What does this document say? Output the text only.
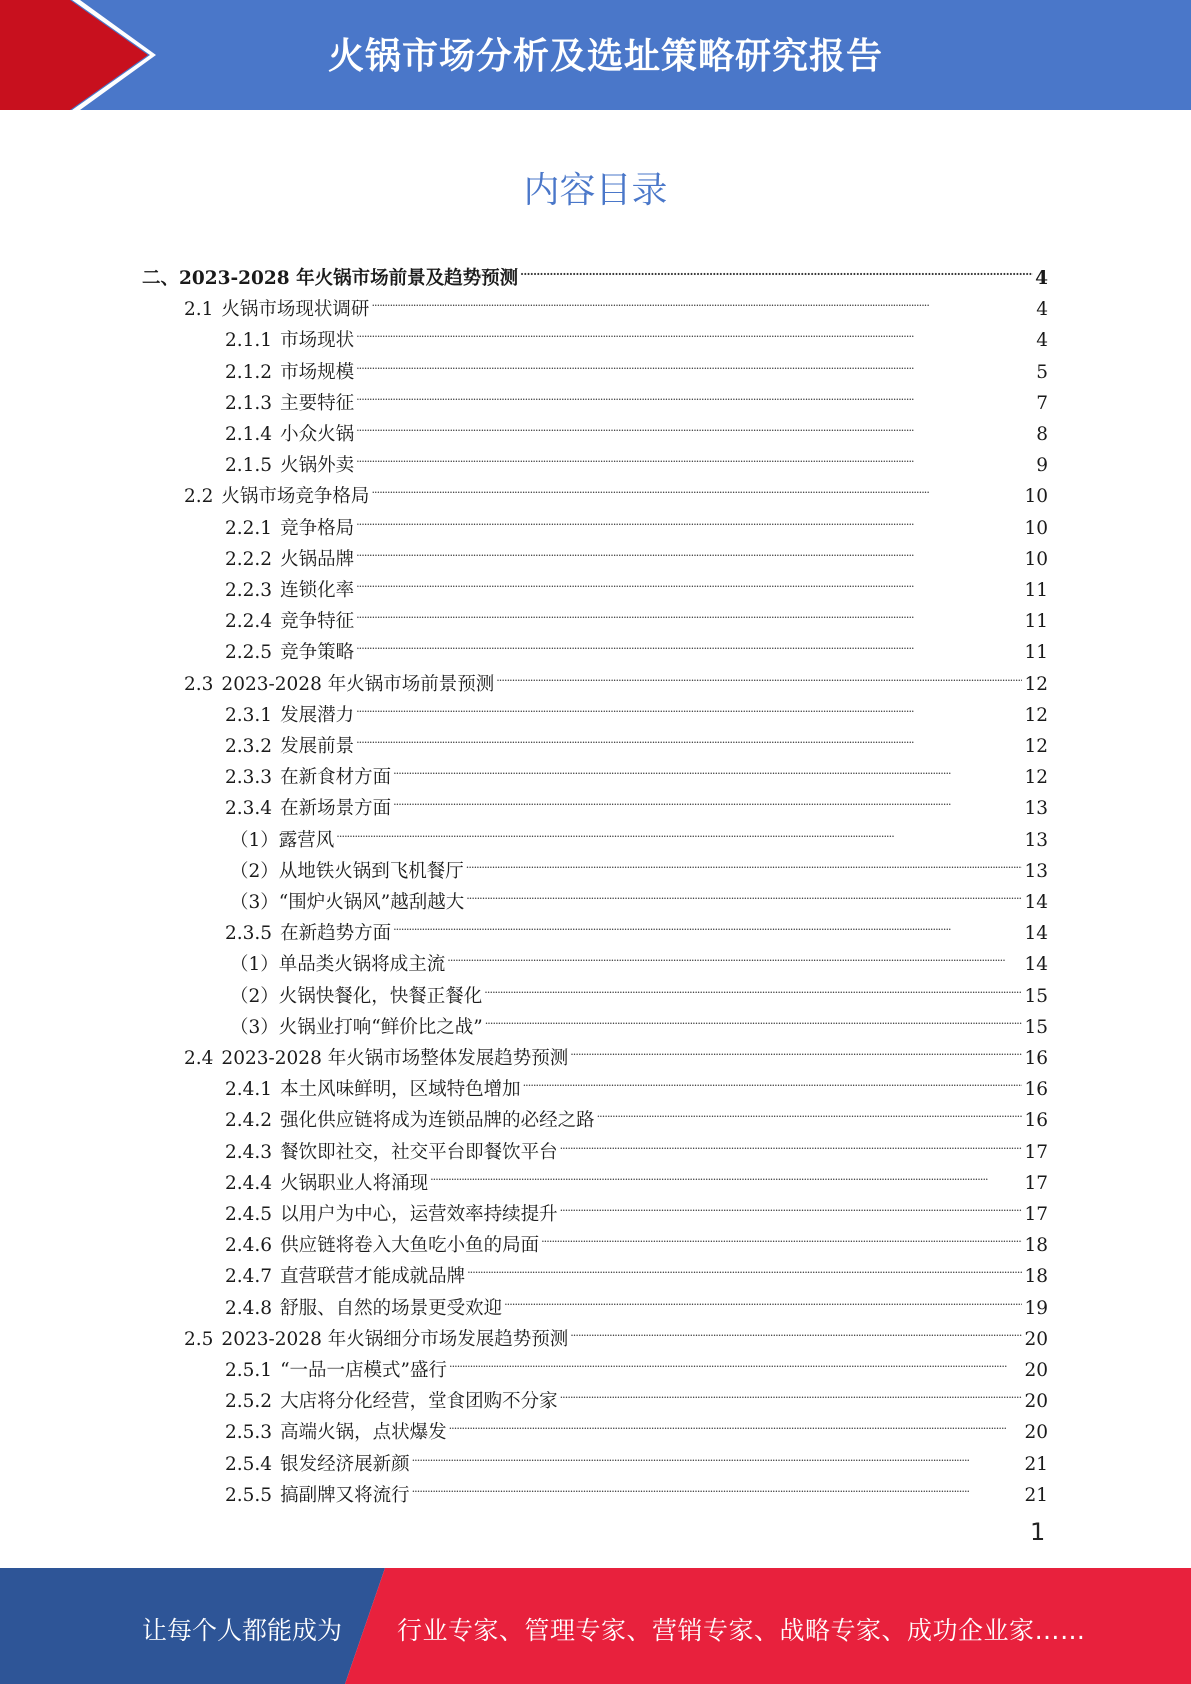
火锅市场分析及选址策略研究报告
内容目录
二、2023-2028 年火锅市场前景及趋势预测 . . .	4
2.1 火锅市场现状调研 . . .	4
2.1.1 市场现状 . . .	4
2.1.2 市场规模 . . .	5
2.1.3 主要特征 . . .	7
2.1.4 小众火锅 . . .	8
2.1.5 火锅外卖 . . .	9
2.2 火锅市场竞争格局 . . .	10
2.2.1 竞争格局 . . .	10
2.2.2 火锅品牌 . . .	10
2.2.3 连锁化率 . . .	11
2.2.4 竞争特征 . . .	11
2.2.5 竞争策略 . . .	11
2.3 2023-2028 年火锅市场前景预测 . . .	12
2.3.1 发展潜力 . . .	12
2.3.2 发展前景 . . .	12
2.3.3 在新食材方面 . . .	12
2.3.4 在新场景方面 . . .	13
（1）露营风 . . .	13
（2）从地铁火锅到飞机餐厅 . . .	13
（3）“围炉火锅风”越刮越大 . . .	14
2.3.5 在新趋势方面 . . .	14
（1）单品类火锅将成主流 . . .	14
（2）火锅快餐化，快餐正餐化 . . .	15
（3）火锅业打响“鲜价比之战” . . .	15
2.4 2023-2028 年火锅市场整体发展趋势预测 . . .	16
2.4.1 本土风味鲜明，区域特色增加 . . .	16
2.4.2 强化供应链将成为连锁品牌的必经之路 . . .	16
2.4.3 餐饮即社交，社交平台即餐饮平台 . . .	17
2.4.4 火锅职业人将涌现 . . .	17
2.4.5 以用户为中心，运营效率持续提升 . . .	17
2.4.6 供应链将卷入大鱼吃小鱼的局面 . . .	18
2.4.7 直营联营才能成就品牌 . . .	18
2.4.8 舒服、自然的场景更受欢迎 . . .	19
2.5 2023-2028 年火锅细分市场发展趋势预测 . . .	20
2.5.1 “一品一店模式”盛行 . . .	20
2.5.2 大店将分化经营，堂食团购不分家 . . .	20
2.5.3 高端火锅，点状爆发 . . .	20
2.5.4 银发经济展新颜 . . .	21
2.5.5 搞副牌又将流行 . . .	21
1
让每个人都能成为 行业专家、管理专家、营销专家、战略专家、成功企业家……
